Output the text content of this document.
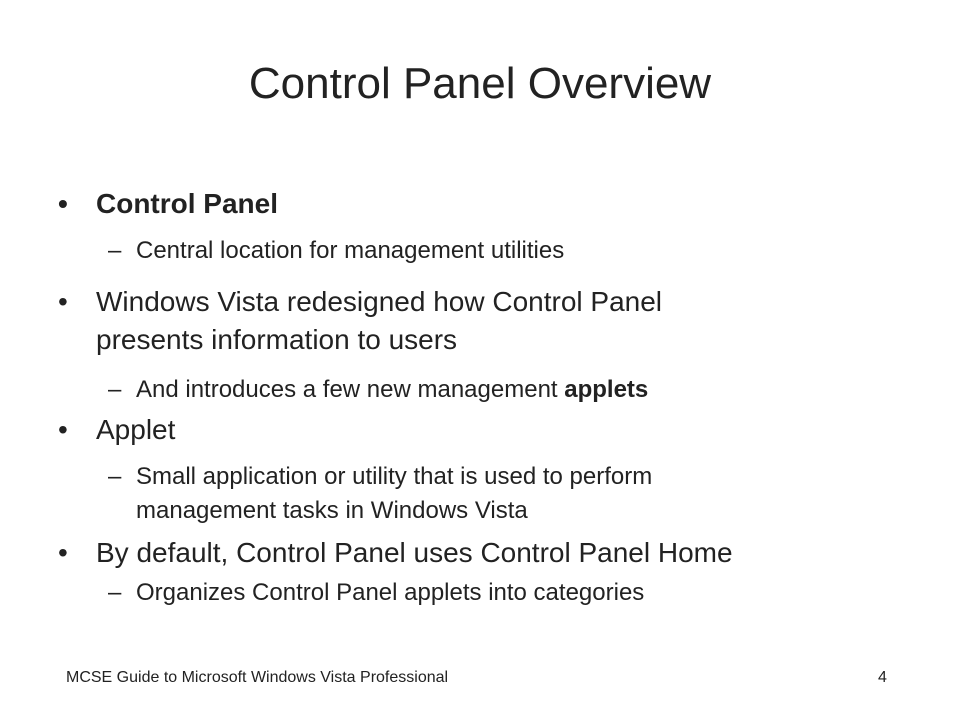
Control Panel Overview
• Control Panel
– Central location for management utilities
• Windows Vista redesigned how Control Panel
presents information to users
– And introduces a few new management applets
• Applet
– Small application or utility that is used to perform
management tasks in Windows Vista
• By default, Control Panel uses Control Panel Home
– Organizes Control Panel applets into categories
MCSE Guide to Microsoft Windows Vista Professional	4
